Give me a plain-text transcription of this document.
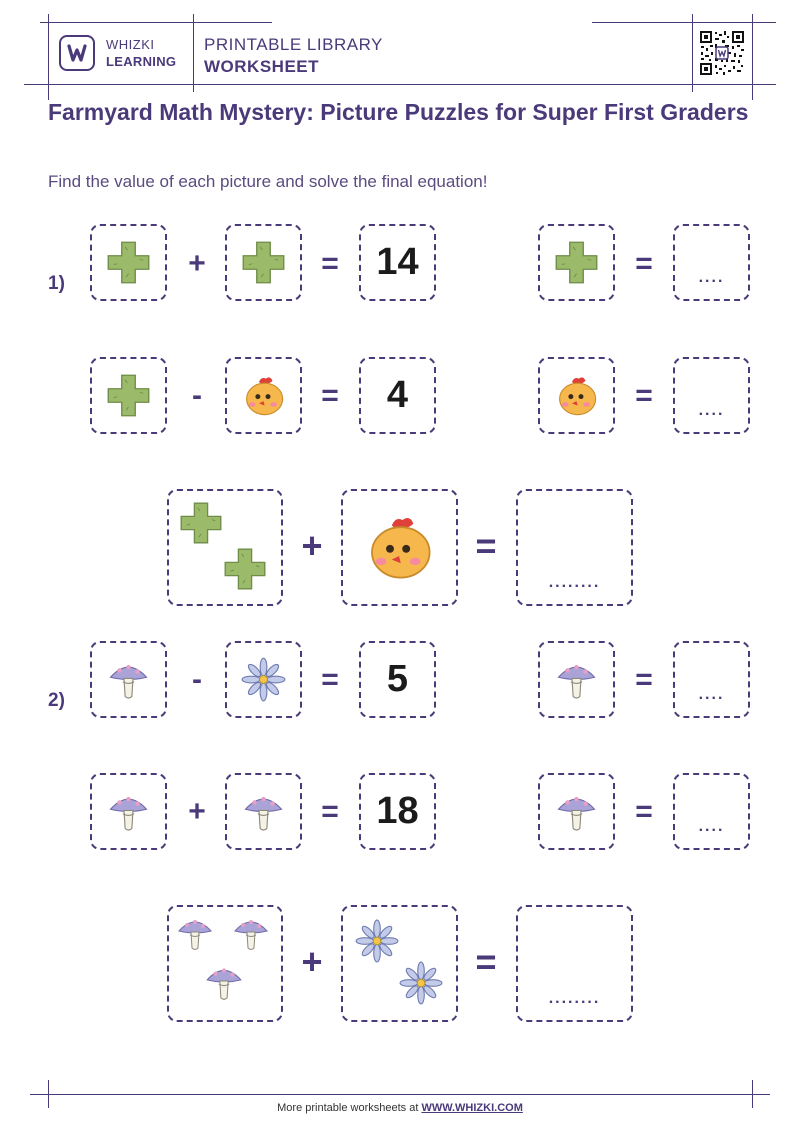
WHIZKI
LEARNING
PRINTABLE LIBRARY
WORKSHEET
Farmyard Math Mystery: Picture Puzzles for Super First Graders
Find the value of each picture and solve the final equation!
1)
+	= 14	=	....
-	=	4	=	....
+	=
........
2)
-	=	5	=	....
+	= 18	=	....
+	=
........
More printable worksheets at WWW.WHIZKI.COM
